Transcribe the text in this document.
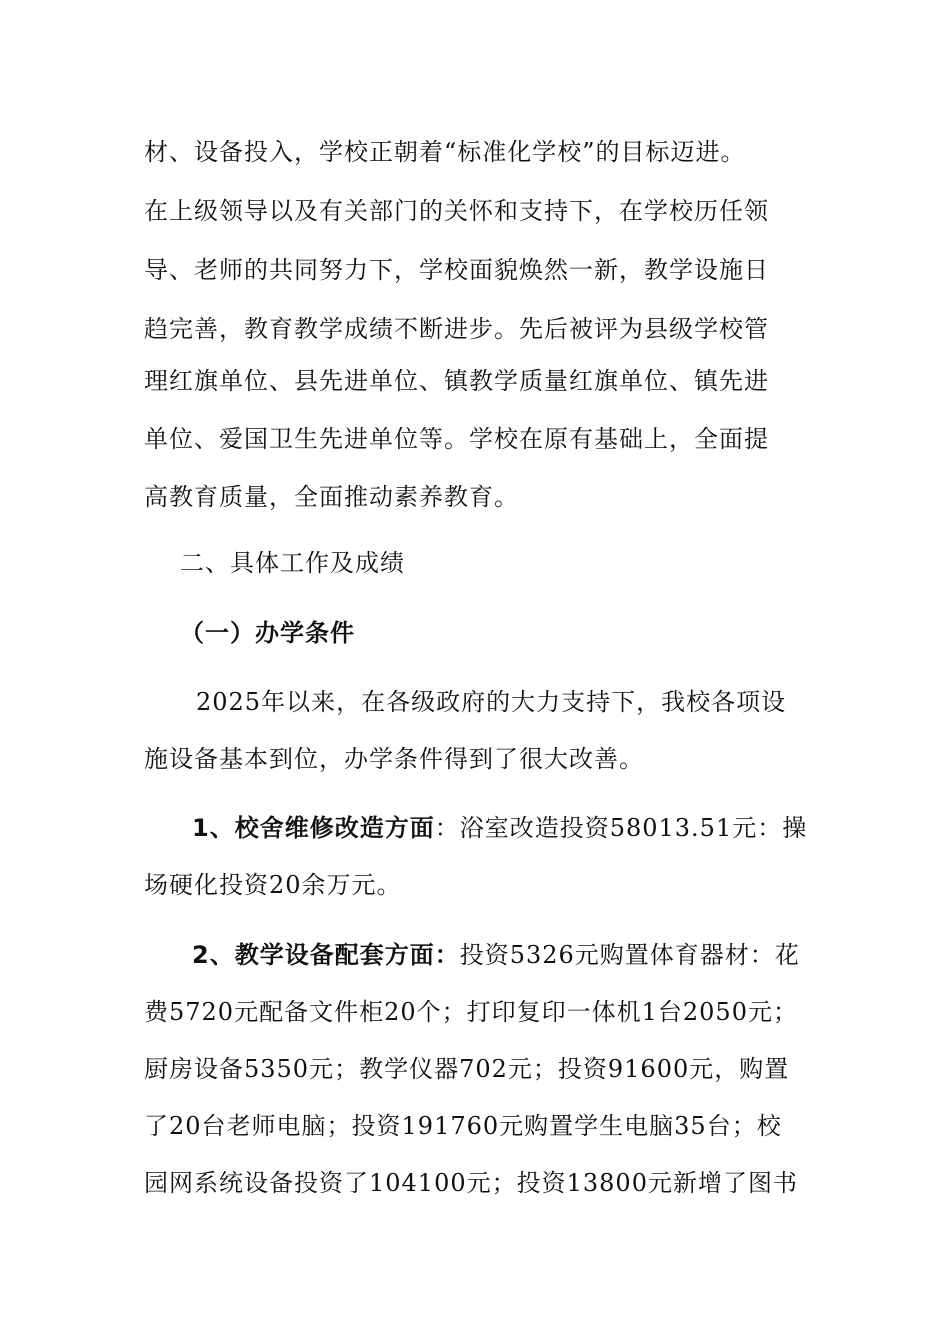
材、设备投入，学校正朝着“标准化学校”的目标迈进。
在上级领导以及有关部门的关怀和支持下，在学校历任领
导、老师的共同努力下，学校面貌焕然一新，教学设施日
趋完善，教育教学成绩不断进步。先后被评为县级学校管
理红旗单位、县先进单位、镇教学质量红旗单位、镇先进
单位、爱国卫生先进单位等。学校在原有基础上，全面提
高教育质量，全面推动素养教育。
二、具体工作及成绩
（一）办学条件
2025年以来，在各级政府的大力支持下，我校各项设
施设备基本到位，办学条件得到了很大改善。
1、校舍维修改造方面：浴室改造投资58013.51元：操
场硬化投资20余万元。
2、教学设备配套方面：投资5326元购置体育器材：花
费5720元配备文件柜20个；打印复印一体机1台2050元；
厨房设备5350元；教学仪器702元；投资91600元，购置
了20台老师电脑；投资191760元购置学生电脑35台；校
园网系统设备投资了104100元；投资13800元新增了图书
